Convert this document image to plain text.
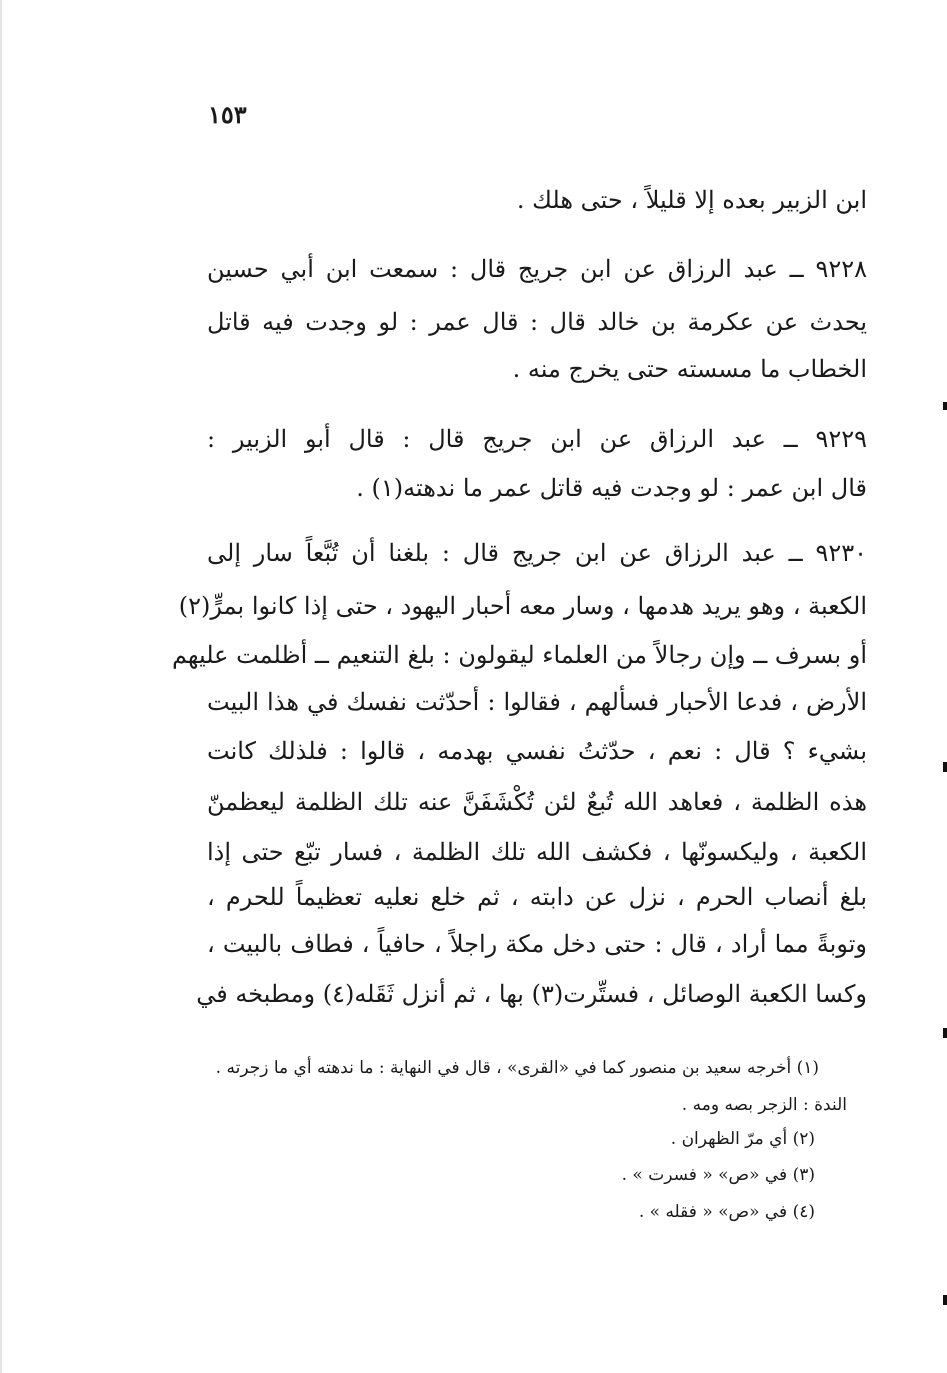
١٥٣
ابن الزبير بعده إلا قليلاً ، حتى هلك .
٩٢٢٨ ــ عبد الرزاق عن ابن جريج قال : سمعت ابن أبي حسين
يحدث عن عكرمة بن خالد قال : قال عمر : لو وجدت فيه قاتل
الخطاب ما مسسته حتى يخرج منه .
٩٢٢٩ ــ عبد الرزاق عن ابن جريج قال : قال أبو الزبير :
قال ابن عمر : لو وجدت فيه قاتل عمر ما ندهته(١) .
٩٢٣٠ ــ عبد الرزاق عن ابن جريج قال : بلغنا أن تُبَّعاً سار إلى
الكعبة ، وهو يريد هدمها ، وسار معه أحبار اليهود ، حتى إذا كانوا بمرٍّ(٢)
أو بسرف ــ وإن رجالاً من العلماء ليقولون : بلغ التنعيم ــ أظلمت عليهم
الأرض ، فدعا الأحبار فسألهم ، فقالوا : أحدّثت نفسك في هذا البيت
بشيء ؟ قال : نعم ، حدّثتُ نفسي بهدمه ، قالوا : فلذلك كانت
هذه الظلمة ، فعاهد الله تُبعٌ لئن تُكْشَفَنَّ عنه تلك الظلمة ليعظمنّ
الكعبة ، وليكسونّها ، فكشف الله تلك الظلمة ، فسار تبّع حتى إذا
بلغ أنصاب الحرم ، نزل عن دابته ، ثم خلع نعليه تعظيماً للحرم ،
وتوبةً مما أراد ، قال : حتى دخل مكة راجلاً ، حافياً ، فطاف بالبيت ،
وكسا الكعبة الوصائل ، فستِّرت(٣) بها ، ثم أنزل ثَقَله(٤) ومطبخه في
(١) أخرجه سعيد بن منصور كما في «القرى» ، قال في النهاية : ما ندهته أي ما زجرته .
الندة : الزجر بصه ومه .
(٢) أي مرّ الظهران .
(٣) في «ص» « فسرت » .
(٤) في «ص» « فقله » .
